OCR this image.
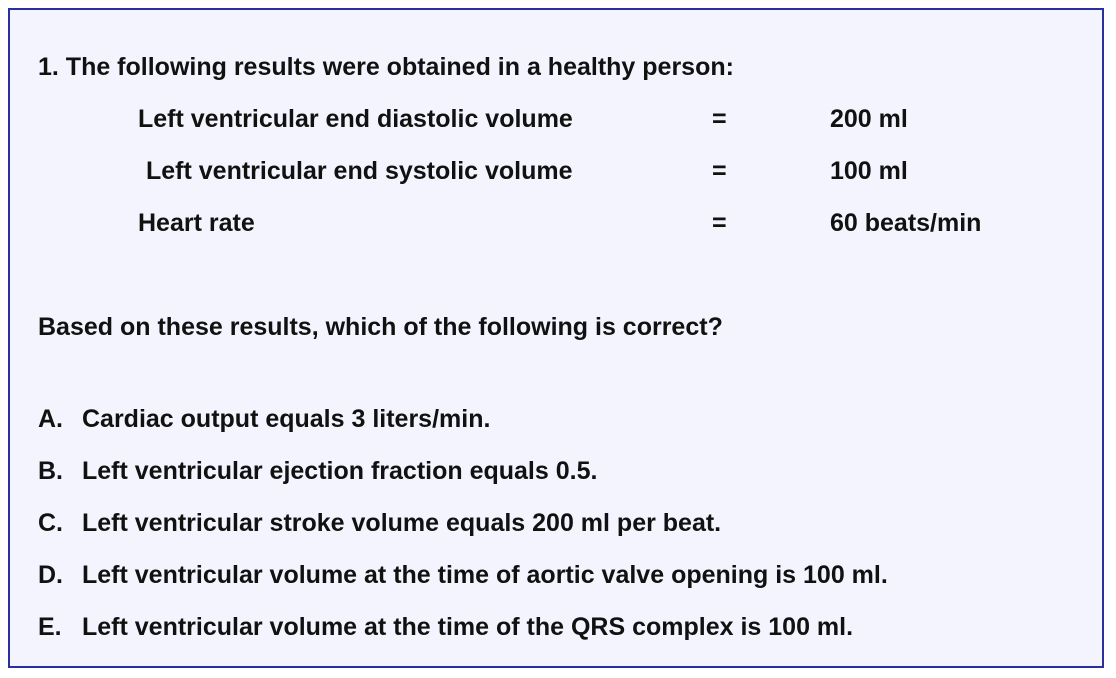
1. The following results were obtained in a healthy person:
Left ventricular end diastolic volume	=	200 ml
Left ventricular end systolic volume	=	100 ml
Heart rate	=	60 beats/min
Based on these results, which of the following is correct?
A. Cardiac output equals 3 liters/min.
B. Left ventricular ejection fraction equals 0.5.
C. Left ventricular stroke volume equals 200 ml per beat.
D. Left ventricular volume at the time of aortic valve opening is 100 ml.
E. Left ventricular volume at the time of the QRS complex is 100 ml.
